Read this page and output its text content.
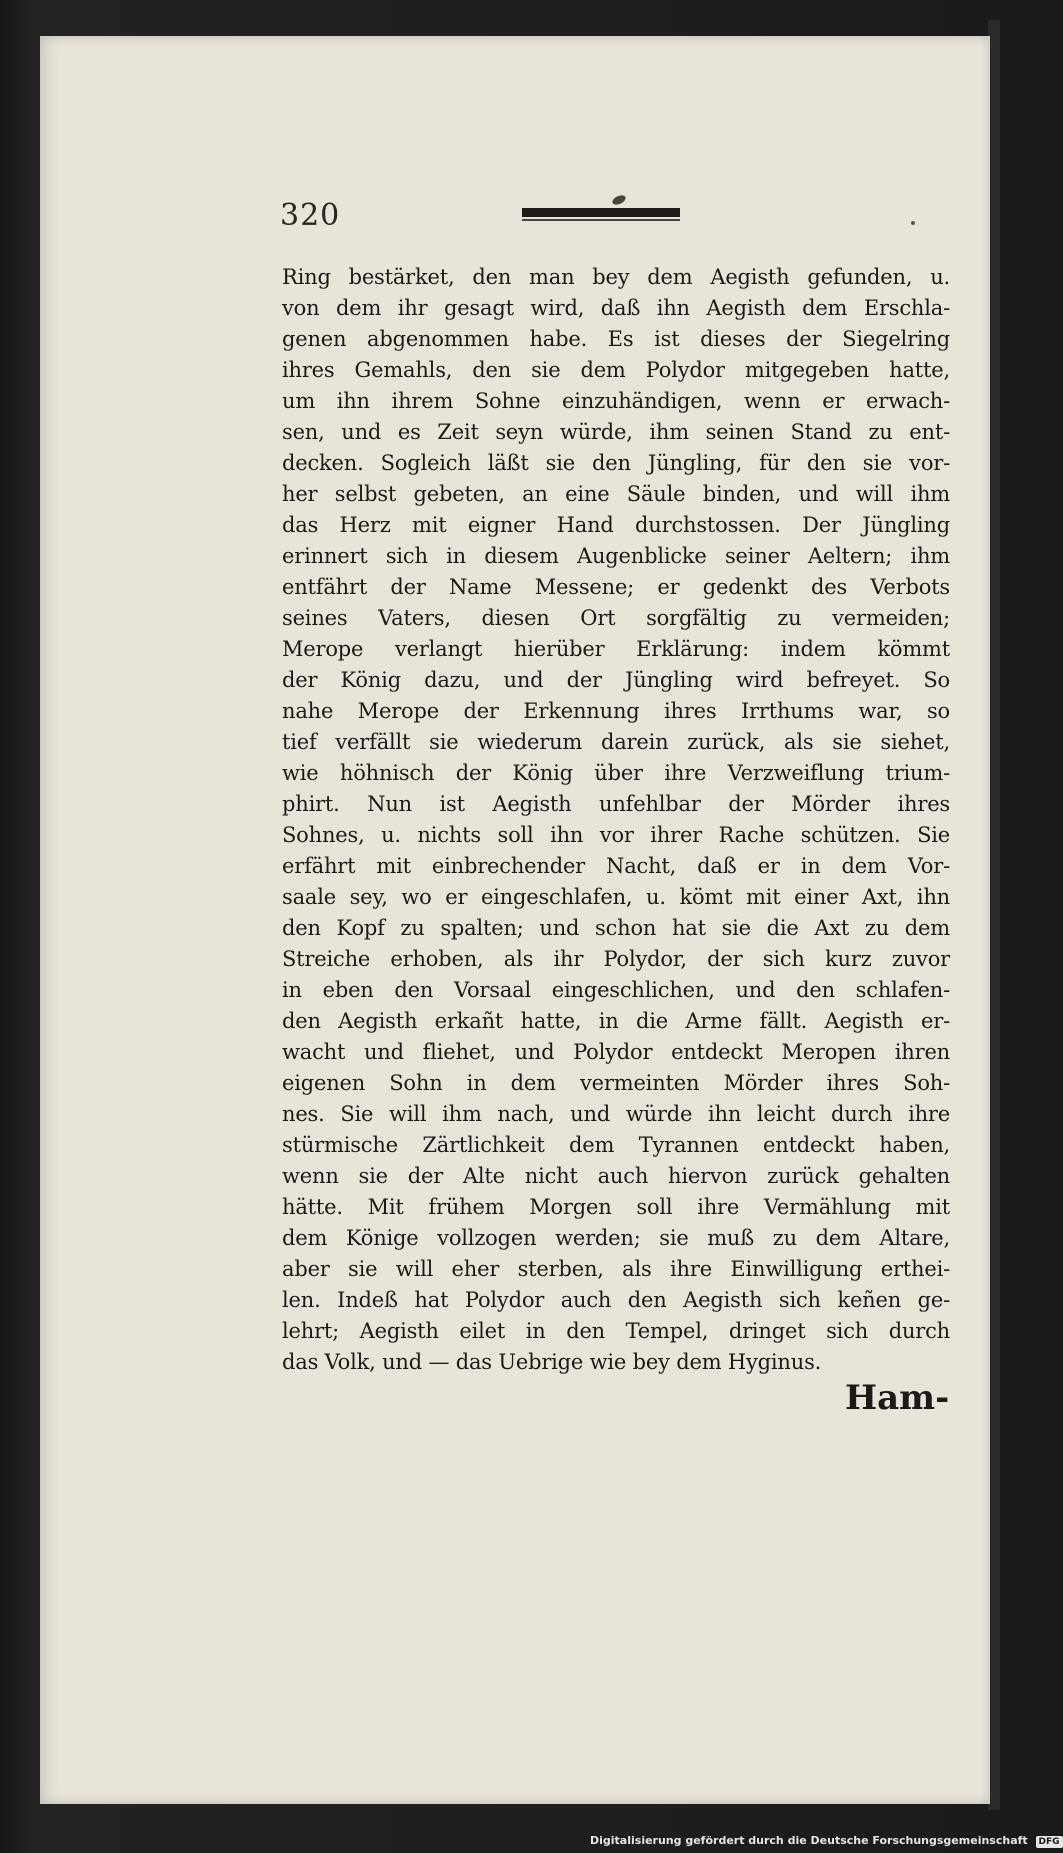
320
Ring bestärket, den man bey dem Aegisth gefunden, u.
von dem ihr gesagt wird, daß ihn Aegisth dem Erschla-
genen abgenommen habe. Es ist dieses der Siegelring
ihres Gemahls, den sie dem Polydor mitgegeben hatte,
um ihn ihrem Sohne einzuhändigen, wenn er erwach-
sen, und es Zeit seyn würde, ihm seinen Stand zu ent-
decken. Sogleich läßt sie den Jüngling, für den sie vor-
her selbst gebeten, an eine Säule binden, und will ihm
das Herz mit eigner Hand durchstossen. Der Jüngling
erinnert sich in diesem Augenblicke seiner Aeltern; ihm
entfährt der Name Messene; er gedenkt des Verbots
seines Vaters, diesen Ort sorgfältig zu vermeiden;
Merope verlangt hierüber Erklärung: indem kömmt
der König dazu, und der Jüngling wird befreyet. So
nahe Merope der Erkennung ihres Irrthums war, so
tief verfällt sie wiederum darein zurück, als sie siehet,
wie höhnisch der König über ihre Verzweiflung trium-
phirt. Nun ist Aegisth unfehlbar der Mörder ihres
Sohnes, u. nichts soll ihn vor ihrer Rache schützen. Sie
erfährt mit einbrechender Nacht, daß er in dem Vor-
saale sey, wo er eingeschlafen, u. kömt mit einer Axt, ihn
den Kopf zu spalten; und schon hat sie die Axt zu dem
Streiche erhoben, als ihr Polydor, der sich kurz zuvor
in eben den Vorsaal eingeschlichen, und den schlafen-
den Aegisth erkañt hatte, in die Arme fällt. Aegisth er-
wacht und fliehet, und Polydor entdeckt Meropen ihren
eigenen Sohn in dem vermeinten Mörder ihres Soh-
nes. Sie will ihm nach, und würde ihn leicht durch ihre
stürmische Zärtlichkeit dem Tyrannen entdeckt haben,
wenn sie der Alte nicht auch hiervon zurück gehalten
hätte. Mit frühem Morgen soll ihre Vermählung mit
dem Könige vollzogen werden; sie muß zu dem Altare,
aber sie will eher sterben, als ihre Einwilligung erthei-
len. Indeß hat Polydor auch den Aegisth sich keñen ge-
lehrt; Aegisth eilet in den Tempel, dringet sich durch
das Volk, und — das Uebrige wie bey dem Hyginus.
Ham-
Digitalisierung gefördert durch die Deutsche Forschungsgemeinschaft DFG
